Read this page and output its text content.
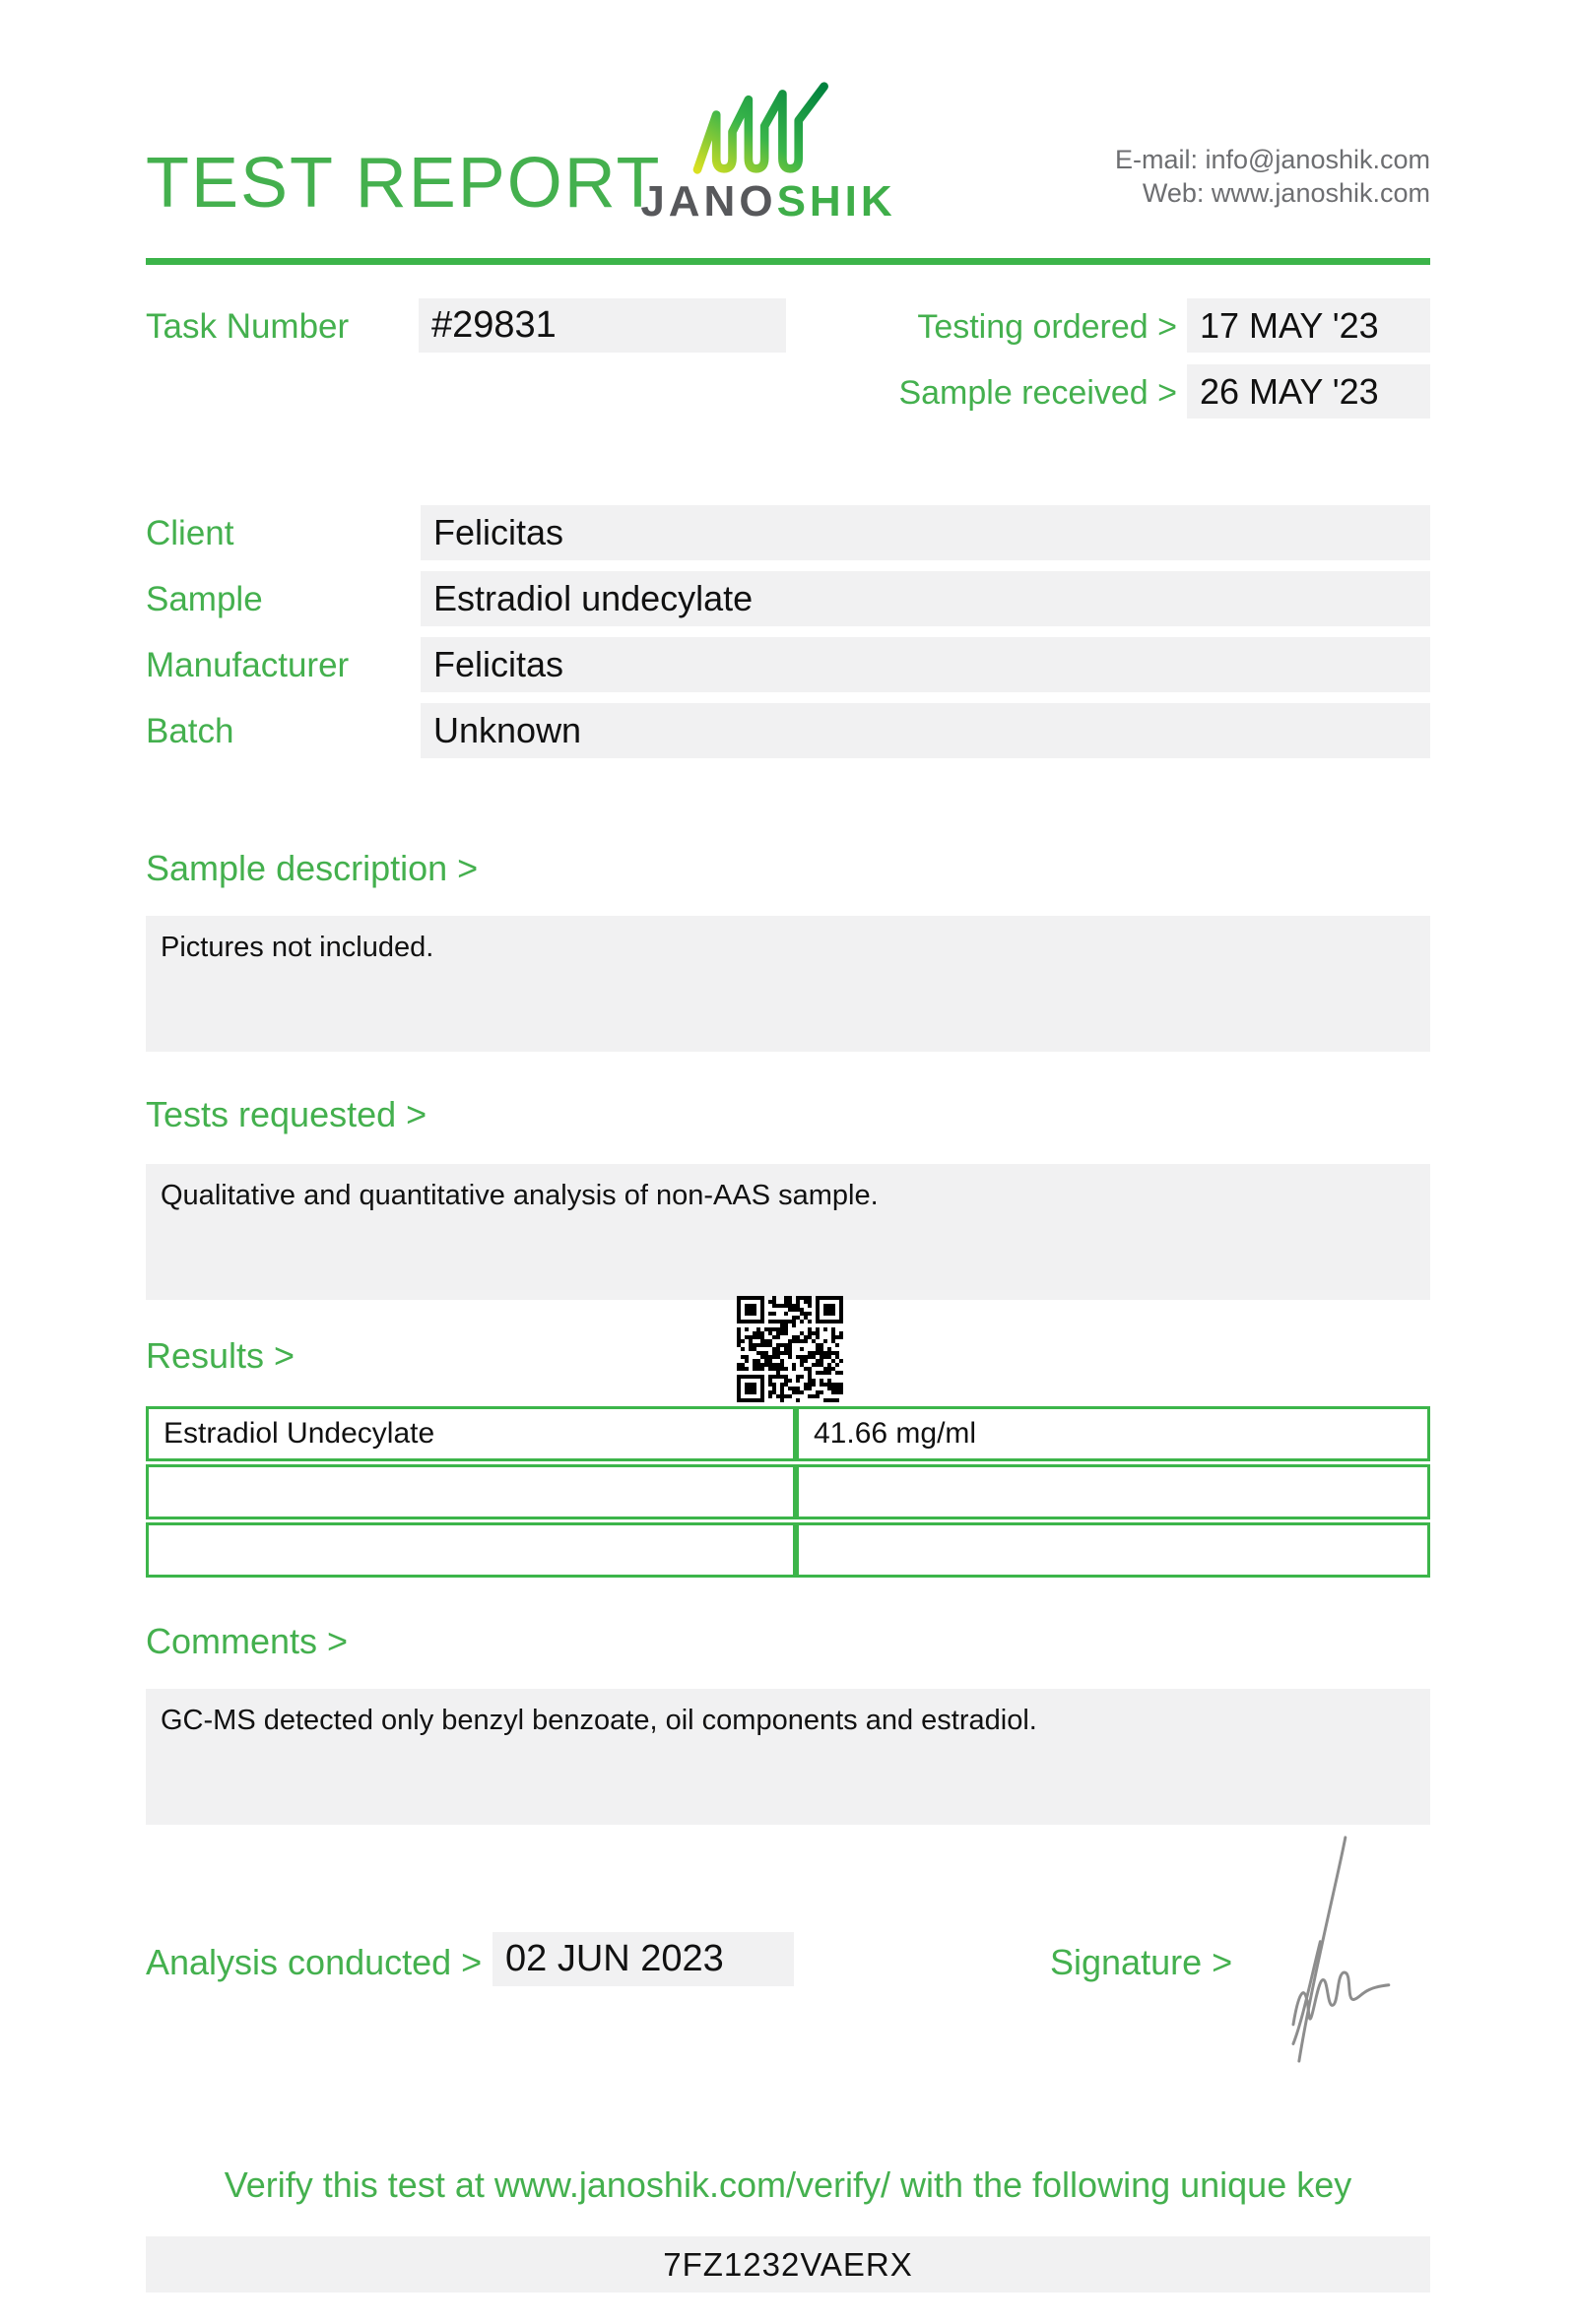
TEST REPORT
JANOSHIK
E-mail: info@janoshik.com
Web: www.janoshik.com
Task Number	#29831	Testing ordered > 17 MAY '23
Sample received > 26 MAY '23
Client	Felicitas
Sample	Estradiol undecylate
Manufacturer	Felicitas
Batch	Unknown
Sample description >
Pictures not included.
Tests requested >
Qualitative and quantitative analysis of non-AAS sample.
Results >
Estradiol Undecylate	41.66 mg/ml
Comments >
GC-MS detected only benzyl benzoate, oil components and estradiol.
Analysis conducted > 02 JUN 2023	Signature >
Verify this test at www.janoshik.com/verify/ with the following unique key
7FZ1232VAERX
